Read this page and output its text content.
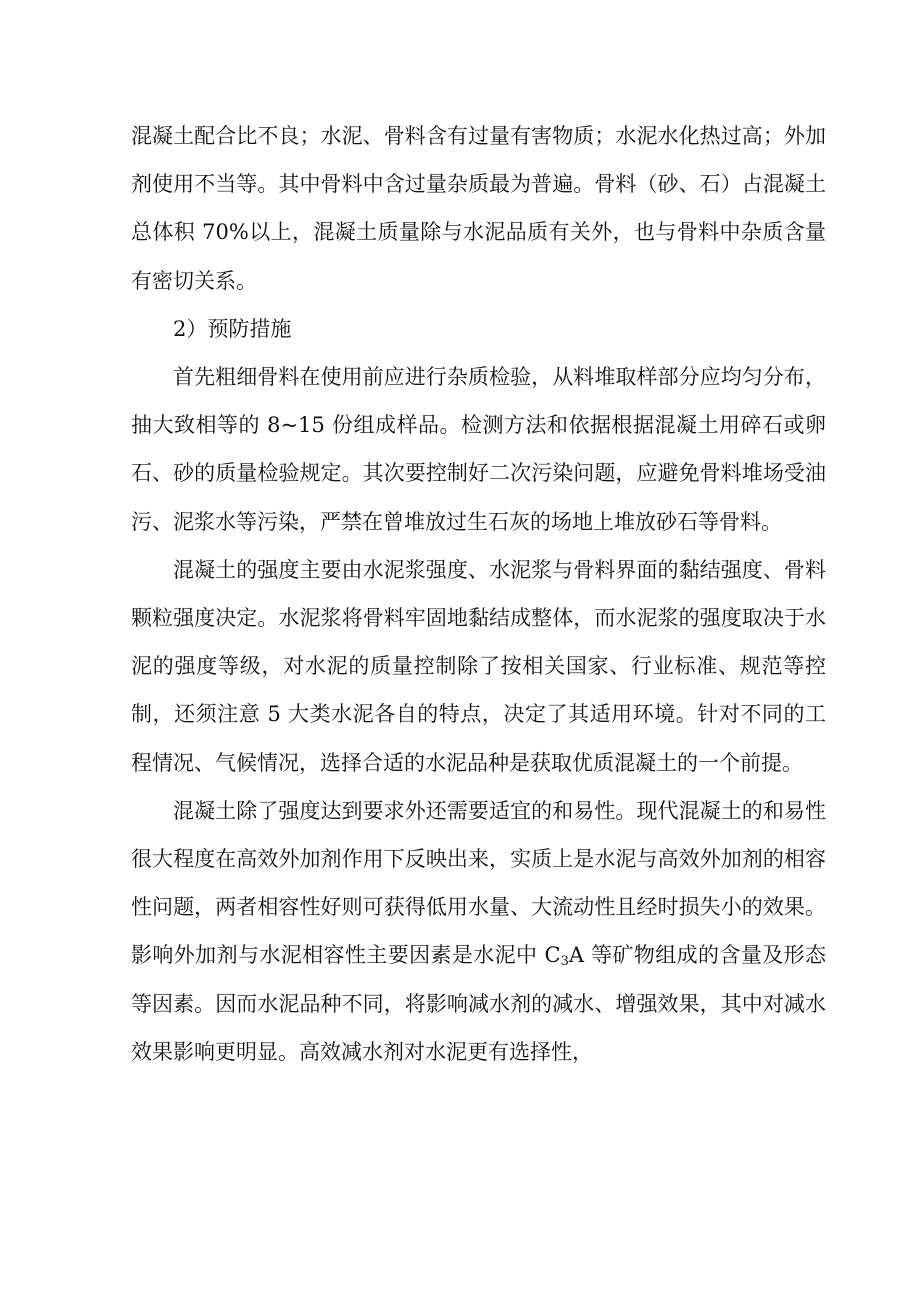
混凝土配合比不良；水泥、骨料含有过量有害物质；水泥水化热过高；外加剂使用不当等。其中骨料中含过量杂质最为普遍。骨料（砂、石）占混凝土总体积 70%以上，混凝土质量除与水泥品质有关外，也与骨料中杂质含量有密切关系。

2）预防措施

首先粗细骨料在使用前应进行杂质检验，从料堆取样部分应均匀分布，抽大致相等的 8~15 份组成样品。检测方法和依据根据混凝土用碎石或卵石、砂的质量检验规定。其次要控制好二次污染问题，应避免骨料堆场受油污、泥浆水等污染，严禁在曾堆放过生石灰的场地上堆放砂石等骨料。

混凝土的强度主要由水泥浆强度、水泥浆与骨料界面的黏结强度、骨料颗粒强度决定。水泥浆将骨料牢固地黏结成整体，而水泥浆的强度取决于水泥的强度等级，对水泥的质量控制除了按相关国家、行业标准、规范等控制，还须注意 5 大类水泥各自的特点，决定了其适用环境。针对不同的工程情况、气候情况，选择合适的水泥品种是获取优质混凝土的一个前提。

混凝土除了强度达到要求外还需要适宜的和易性。现代混凝土的和易性很大程度在高效外加剂作用下反映出来，实质上是水泥与高效外加剂的相容性问题，两者相容性好则可获得低用水量、大流动性且经时损失小的效果。影响外加剂与水泥相容性主要因素是水泥中 $C_3A$ 等矿物组成的含量及形态等因素。因而水泥品种不同，将影响减水剂的减水、增强效果，其中对减水效果影响更明显。高效减水剂对水泥更有选择性，
